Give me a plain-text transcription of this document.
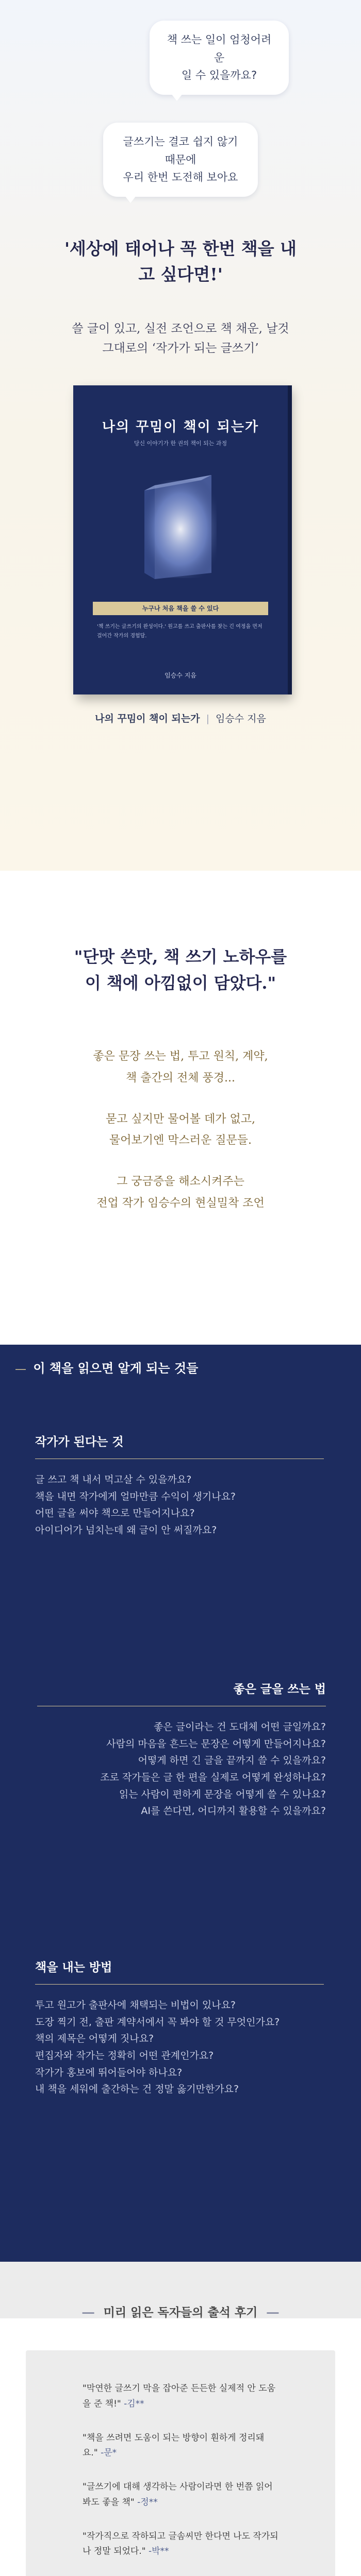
책 쓰는 일이 엄청어려운
일 수 있을까요?
글쓰기는 결코 쉽지 않기 때문에
우리 한번 도전해 보아요
'세상에 태어나 꼭 한번 책을 내고 싶다면!'
쓸 글이 있고, 실전 조언으로 책 채운, 날것 그대로의 ‘작가가 되는 글쓰기’
나의 꾸밈이 책이 되는가
당신 이야기가 한 권의 책이 되는 과정
누구나 처음 책을 쓸 수 있다
'책 쓰기는 글쓰기의 완성이다.' 원고를 쓰고 출판사를 찾는 긴 여정을 먼저 걸어간 작가의 경험담.
임승수 지음
나의 꾸밈이 책이 되는가 | 임승수 지음
"단맛 쓴맛, 책 쓰기 노하우를
이 책에 아낌없이 담았다."

좋은 문장 쓰는 법, 투고 원칙, 계약,
책 출간의 전체 풍경...

묻고 싶지만 물어볼 데가 없고,
물어보기엔 막스러운 질문들.

그 궁금증을 해소시켜주는
전업 작가 임승수의 현실밀착 조언

― 이 책을 읽으면 알게 되는 것들
작가가 된다는 것
글 쓰고 책 내서 먹고살 수 있을까요?
책을 내면 작가에게 얼마만큼 수익이 생기나요?
어떤 글을 써야 책으로 만들어지나요?
아이디어가 넘치는데 왜 글이 안 써질까요?
좋은 글을 쓰는 법
좋은 글이라는 건 도대체 어떤 글일까요?
사람의 마음을 흔드는 문장은 어떻게 만들어지나요?
어떻게 하면 긴 글을 끝까지 쓸 수 있을까요?
조로 작가들은 글 한 편을 실제로 어떻게 완성하나요?
읽는 사람이 편하게 문장을 어떻게 쓸 수 있나요?
AI를 쓴다면, 어디까지 활용할 수 있을까요?
책을 내는 방법
투고 원고가 출판사에 채택되는 비법이 있나요?
도장 찍기 전, 출판 계약서에서 꼭 봐야 할 것 무엇인가요?
책의 제목은 어떻게 짓나요?
편집자와 작가는 정확히 어떤 관계인가요?
작가가 홍보에 뛰어들어야 하나요?
내 책을 세워에 출간하는 건 정말 옳기만한가요?
― 미리 읽은 독자들의 출석 후기 ―
"막연한 글쓰기 막을 잡아준 든든한 실제적 안 도움을 준 책!" -김**
"책을 쓰려면 도움이 되는 방향이 훤하게 정리돼요." -문*
"글쓰기에 대해 생각하는 사람이라면 한 번쯤 읽어봐도 좋을 책" -정**
"작가직으로 작하되고 글솜씨만 한다면 나도 작가되나 정말 되었다." -박**
